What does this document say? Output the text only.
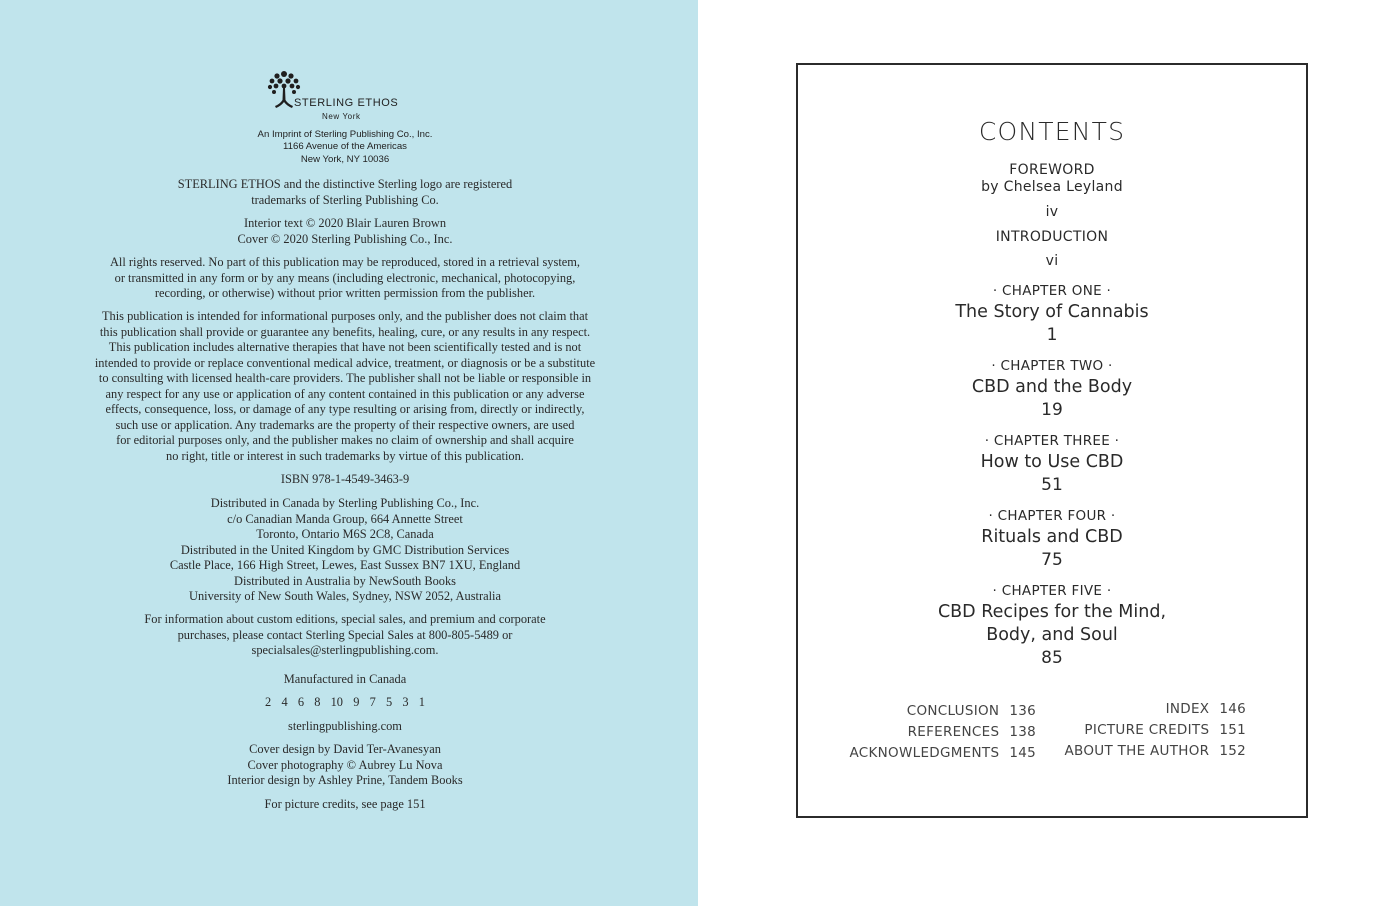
STERLING ETHOS
New York
An Imprint of Sterling Publishing Co., Inc.
1166 Avenue of the Americas
New York, NY 10036
STERLING ETHOS and the distinctive Sterling logo are registered
trademarks of Sterling Publishing Co.
Interior text © 2020 Blair Lauren Brown
Cover © 2020 Sterling Publishing Co., Inc.
All rights reserved. No part of this publication may be reproduced, stored in a retrieval system,
or transmitted in any form or by any means (including electronic, mechanical, photocopying,
recording, or otherwise) without prior written permission from the publisher.
This publication is intended for informational purposes only, and the publisher does not claim that
this publication shall provide or guarantee any benefits, healing, cure, or any results in any respect.
This publication includes alternative therapies that have not been scientifically tested and is not
intended to provide or replace conventional medical advice, treatment, or diagnosis or be a substitute
to consulting with licensed health-care providers. The publisher shall not be liable or responsible in
any respect for any use or application of any content contained in this publication or any adverse
effects, consequence, loss, or damage of any type resulting or arising from, directly or indirectly,
such use or application. Any trademarks are the property of their respective owners, are used
for editorial purposes only, and the publisher makes no claim of ownership and shall acquire
no right, title or interest in such trademarks by virtue of this publication.
ISBN 978-1-4549-3463-9
Distributed in Canada by Sterling Publishing Co., Inc.
c/o Canadian Manda Group, 664 Annette Street
Toronto, Ontario M6S 2C8, Canada
Distributed in the United Kingdom by GMC Distribution Services
Castle Place, 166 High Street, Lewes, East Sussex BN7 1XU, England
Distributed in Australia by NewSouth Books
University of New South Wales, Sydney, NSW 2052, Australia
For information about custom editions, special sales, and premium and corporate
purchases, please contact Sterling Special Sales at 800-805-5489 or
specialsales@sterlingpublishing.com.
Manufactured in Canada
2  4  6  8  10  9  7  5  3  1
sterlingpublishing.com
Cover design by David Ter-Avanesyan
Cover photography © Aubrey Lu Nova
Interior design by Ashley Prine, Tandem Books
For picture credits, see page 151
CONTENTS
FOREWORD
by Chelsea Leyland
iv
INTRODUCTION
vi
· CHAPTER ONE ·
The Story of Cannabis
1
· CHAPTER TWO ·
CBD and the Body
19
· CHAPTER THREE ·
How to Use CBD
51
· CHAPTER FOUR ·
Rituals and CBD
75
· CHAPTER FIVE ·
CBD Recipes for the Mind,
Body, and Soul
85
CONCLUSION 136
REFERENCES 138
ACKNOWLEDGMENTS 145
INDEX 146
PICTURE CREDITS 151
ABOUT THE AUTHOR 152
